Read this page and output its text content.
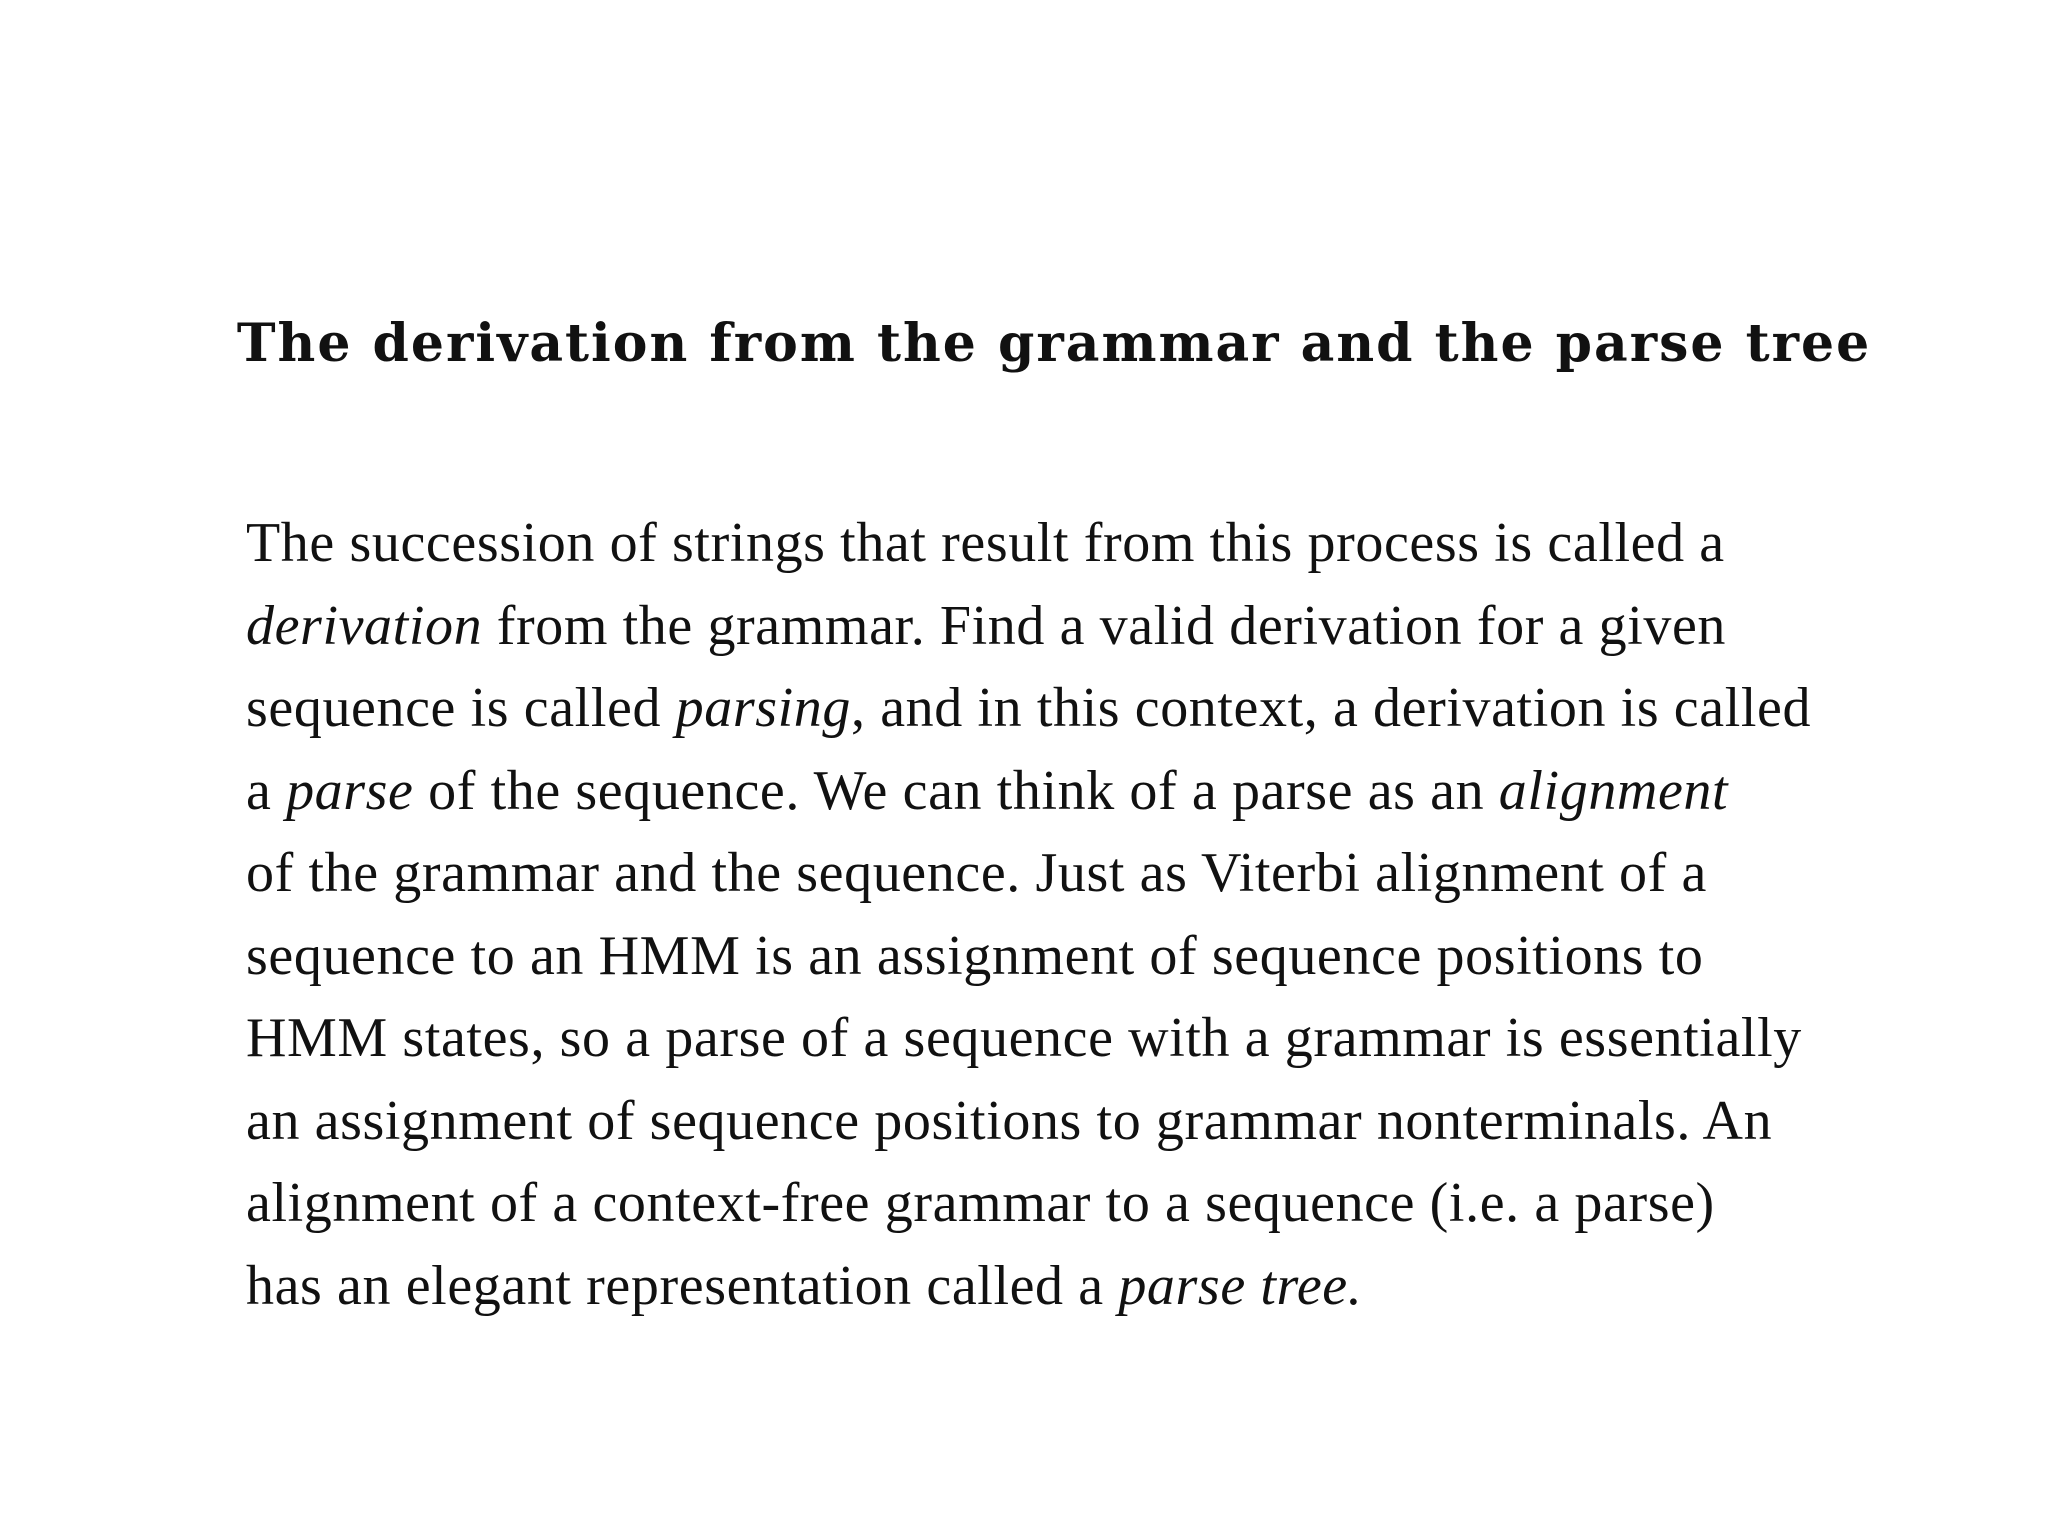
The derivation from the grammar and the parse tree
The succession of strings that result from this process is called a
derivation from the grammar. Find a valid derivation for a given
sequence is called parsing, and in this context, a derivation is called
a parse of the sequence. We can think of a parse as an alignment
of the grammar and the sequence. Just as Viterbi alignment of a
sequence to an HMM is an assignment of sequence positions to
HMM states, so a parse of a sequence with a grammar is essentially
an assignment of sequence positions to grammar nonterminals. An
alignment of a context-free grammar to a sequence (i.e. a parse)
has an elegant representation called a parse tree.
